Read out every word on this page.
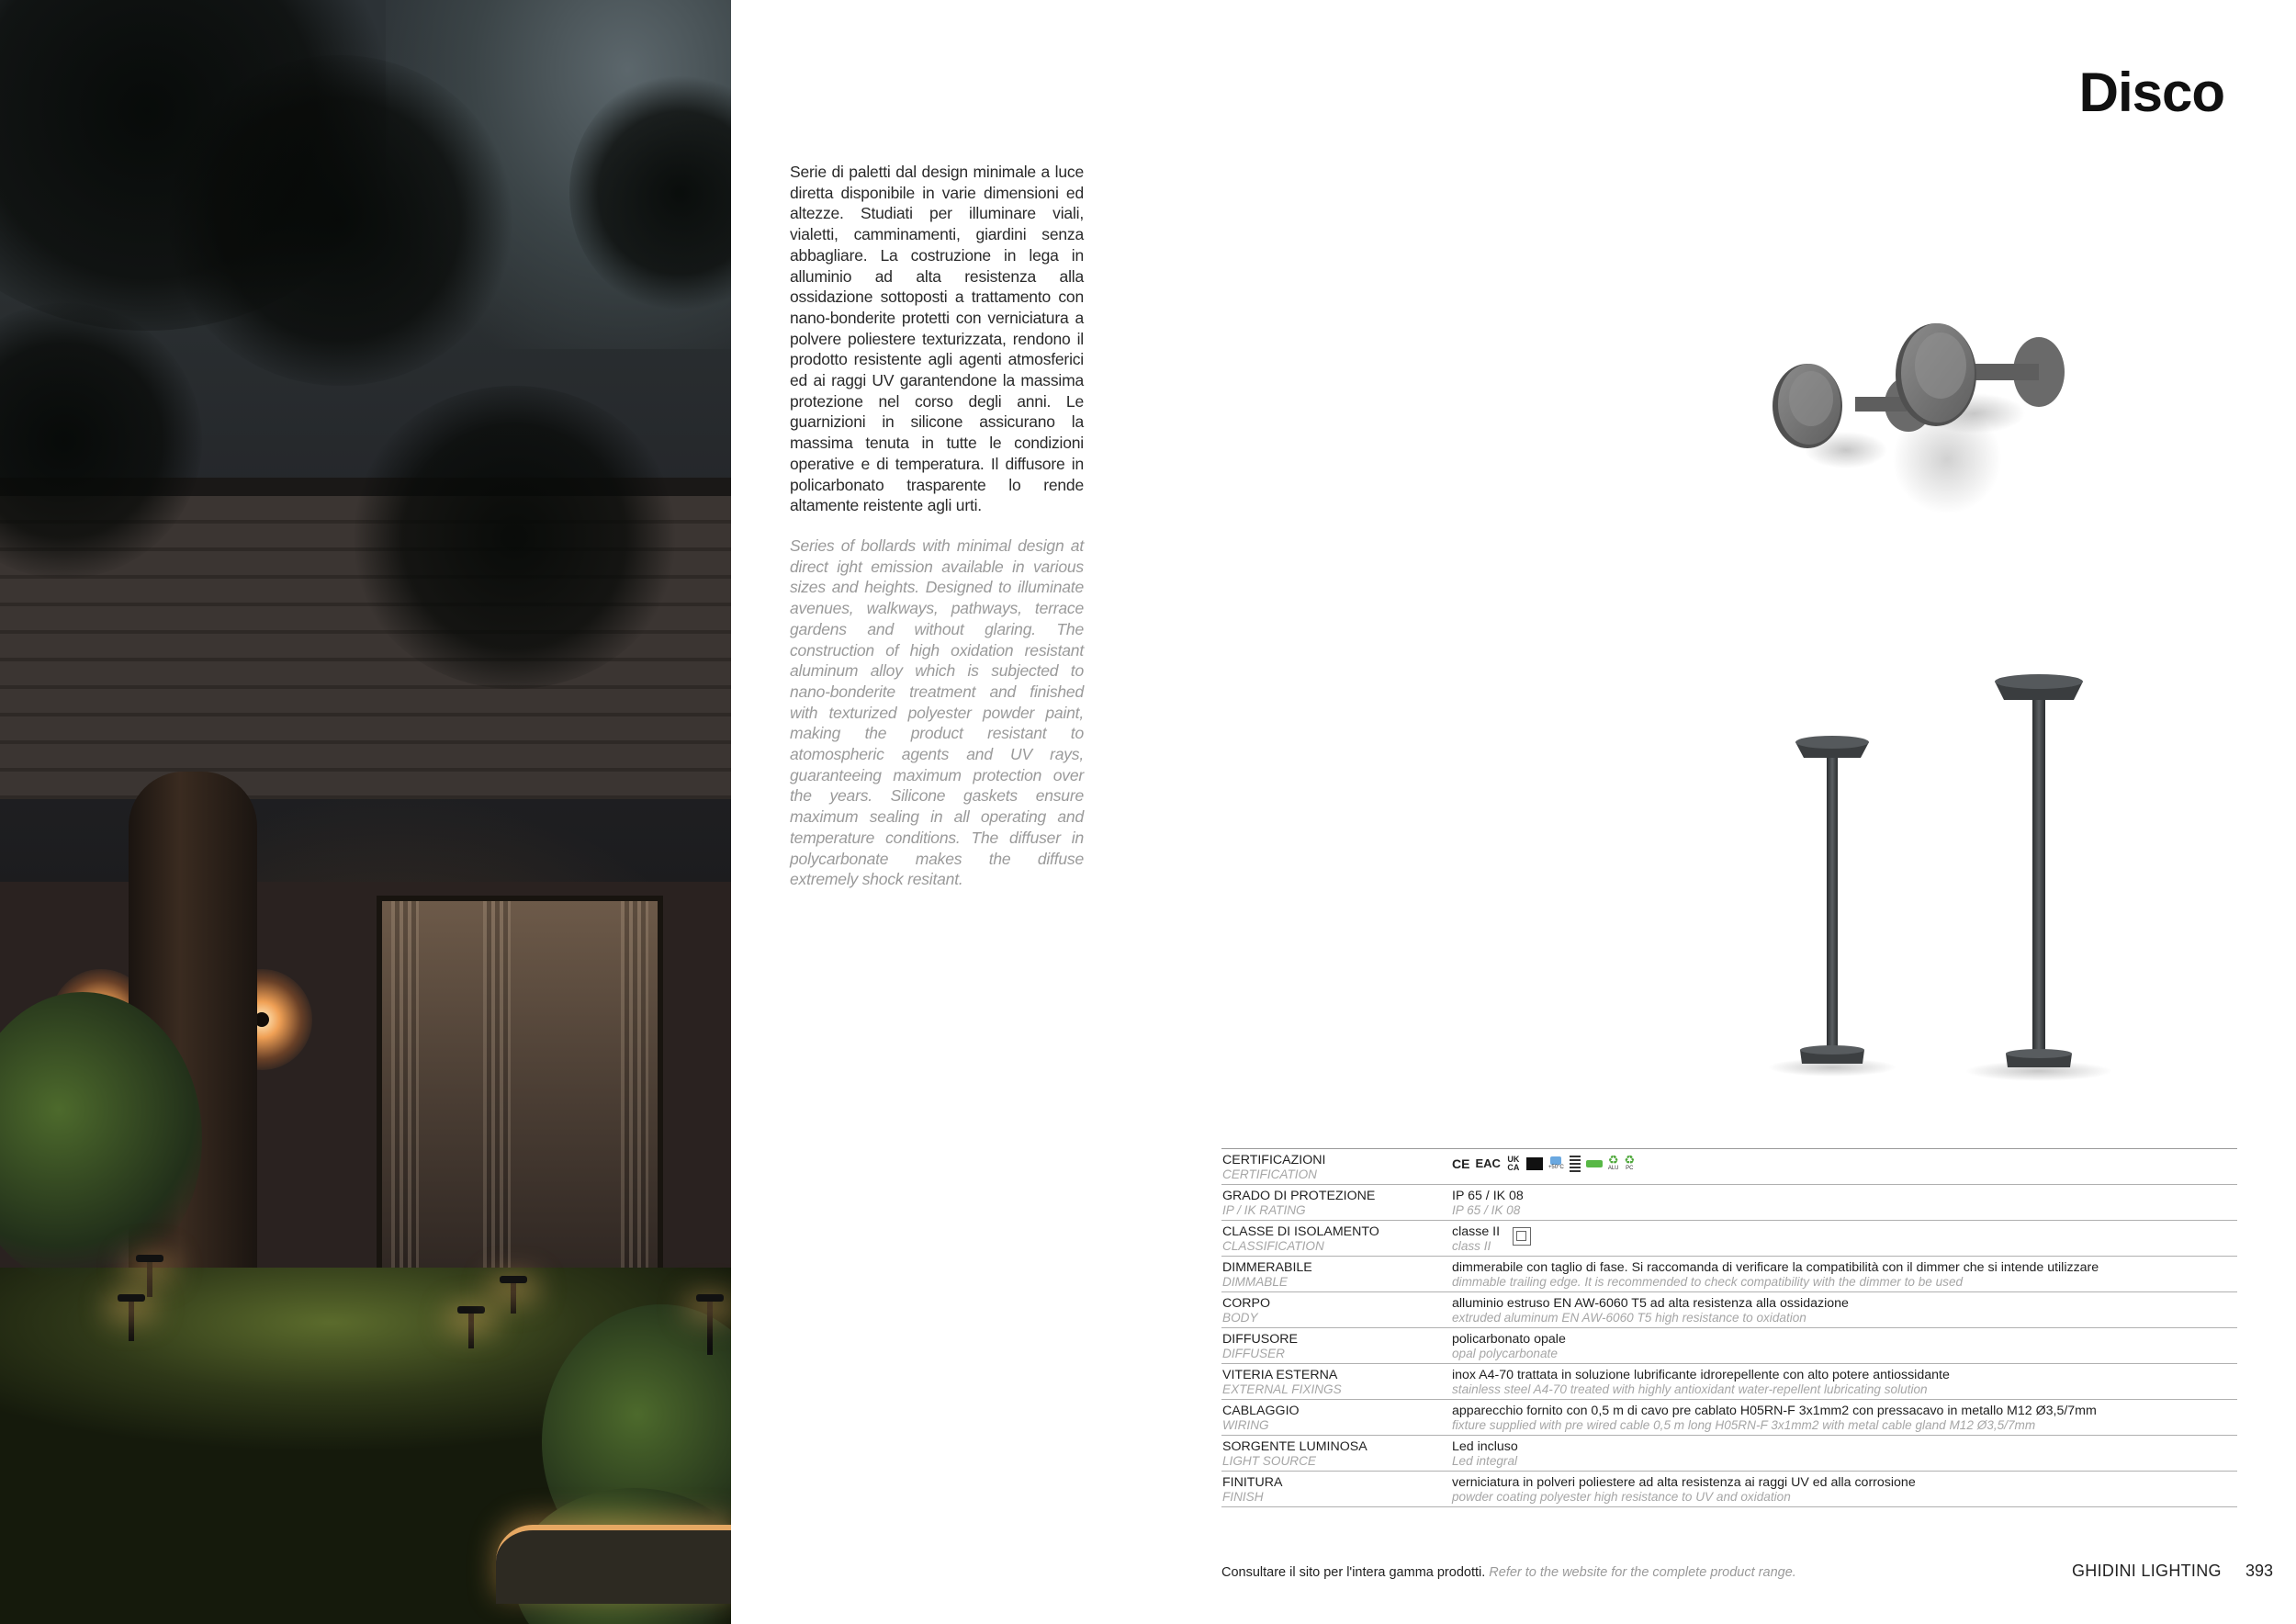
Disco

Serie di paletti dal design minimale a luce diretta disponibile in varie dimensioni ed altezze. Studiati per illuminare viali, vialetti, camminamenti, giardini senza abbagliare. La costruzione in lega in alluminio ad alta resistenza alla ossidazione sottoposti a trattamento con nano-bonderite protetti con verniciatura a polvere poliestere texturizzata, rendono il prodotto resistente agli agenti atmosferici ed ai raggi UV garantendone la massima protezione nel corso degli anni. Le guarnizioni in silicone assicurano la massima tenuta in tutte le condizioni operative e di temperatura. Il diffusore in policarbonato trasparente lo rende altamente reistente agli urti.

Series of bollards with minimal design at direct ight emission available in various sizes and heights. Designed to illuminate avenues, walkways, pathways, terrace gardens and without glaring. The construction of high oxidation resistant aluminum alloy which is subjected to nano-bonderite treatment and finished with texturized polyester powder paint, making the product resistant to atomospheric agents and UV rays, guaranteeing maximum protection over the years. Silicone gaskets ensure maximum sealing in all operating and temperature conditions. The diffuser in polycarbonate makes the diffuse extremely shock resitant.

CERTIFICAZIONI
CERTIFICATION
CE EAC UK CA	+50°C
♻
ALU
♻
PC
GRADO DI PROTEZIONE
IP / IK RATING
IP 65 / IK 08
IP 65 / IK 08
CLASSE DI ISOLAMENTO
CLASSIFICATION
classe II
class II
DIMMERABILE
DIMMABLE
dimmerabile con taglio di fase. Si raccomanda di verificare la compatibilità con il dimmer che si intende utilizzare
dimmable trailing edge. It is recommended to check compatibility with the dimmer to be used
CORPO
BODY
alluminio estruso EN AW-6060 T5 ad alta resistenza alla ossidazione
extruded aluminum EN AW-6060 T5 high resistance to oxidation
DIFFUSORE
DIFFUSER
policarbonato opale
opal polycarbonate
VITERIA ESTERNA
EXTERNAL FIXINGS
inox A4-70 trattata in soluzione lubrificante idrorepellente con alto potere antiossidante
stainless steel A4-70 treated with highly antioxidant water-repellent lubricating solution
CABLAGGIO
WIRING
apparecchio fornito con 0,5 m di cavo pre cablato H05RN-F 3x1mm2 con pressacavo in metallo M12 Ø3,5/7mm
fixture supplied with pre wired cable 0,5 m long H05RN-F 3x1mm2 with metal cable gland M12 Ø3,5/7mm
SORGENTE LUMINOSA
LIGHT SOURCE
Led incluso
Led integral
FINITURA
FINISH
verniciatura in polveri poliestere ad alta resistenza ai raggi UV ed alla corrosione
powder coating polyester high resistance to UV and oxidation
Consultare il sito per l'intera gamma prodotti. Refer to the website for the complete product range.	GHIDINI LIGHTING 393
